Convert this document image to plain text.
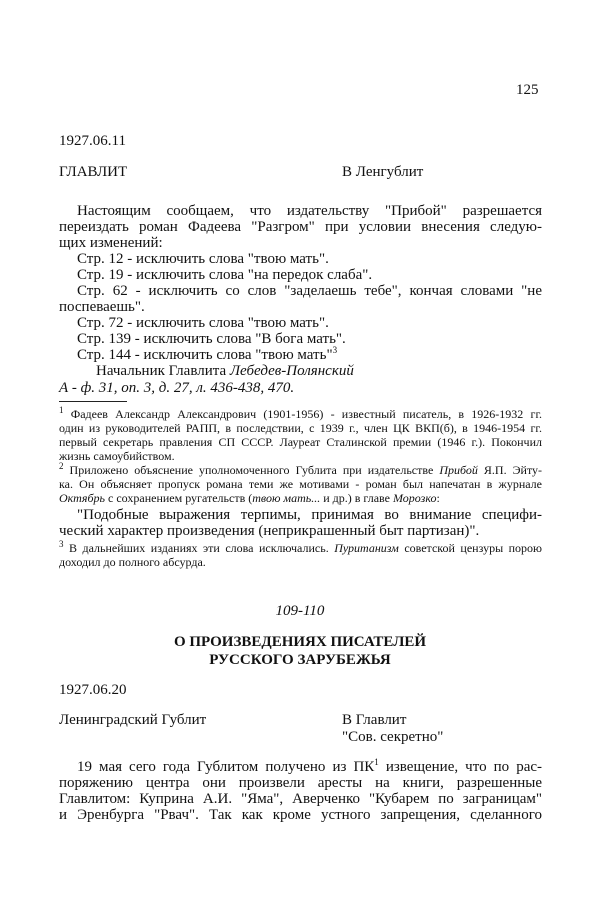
125
1927.06.11
ГЛАВЛИТ	В Ленгублит
Настоящим сообщаем, что издательству "Прибой" разрешается
переиздать роман Фадеева "Разгром" при условии внесения следую-
щих изменений:
Стр. 12 - исключить слова "твою мать".
Стр. 19 - исключить слова "на передок слаба".
Стр. 62 - исключить со слов "заделаешь тебе", кончая словами "не
поспеваешь".
Стр. 72 - исключить слова "твою мать".
Стр. 139 - исключить слова "В бога мать".
Стр. 144 - исключить слова "твою мать"$^3$
Начальник Главлита Лебедев-Полянский
А - ф. 31, оп. 3, д. 27, л. 436-438, 470.
$^1$ Фадеев Александр Александрович (1901-1956) - известный писатель, в 1926-1932 гг.
один из руководителей РАПП, в последствии, с 1939 г., член ЦК ВКП(б), в 1946-1954 гг.
первый секретарь правления СП СССР. Лауреат Сталинской премии (1946 г.). Покончил
жизнь самоубийством.
$^2$ Приложено объяснение уполномоченного Гублита при издательстве Прибой Я.П. Эйту-
ка. Он объясняет пропуск романа теми же мотивами - роман был напечатан в журнале
Октябрь с сохранением ругательств (твою мать... и др.) в главе Морозко:
"Подобные выражения терпимы, принимая во внимание специфи-
ческий характер произведения (неприкрашенный быт партизан)".
$^3$ В дальнейших изданиях эти слова исключались. Пуританизм советской цензуры порою
доходил до полного абсурда.
109-110
О ПРОИЗВЕДЕНИЯХ ПИСАТЕЛЕЙ
РУССКОГО ЗАРУБЕЖЬЯ
1927.06.20
Ленинградский Гублит	В Главлит
"Сов. секретно"
19 мая сего года Гублитом получено из $ПК^1$ извещение, что по рас-
поряжению центра они произвели аресты на книги, разрешенные
Главлитом: Куприна А.И. "Яма", Аверченко "Кубарем по заграницам"
и Эренбурга "Рвач". Так как кроме устного запрещения, сделанного
